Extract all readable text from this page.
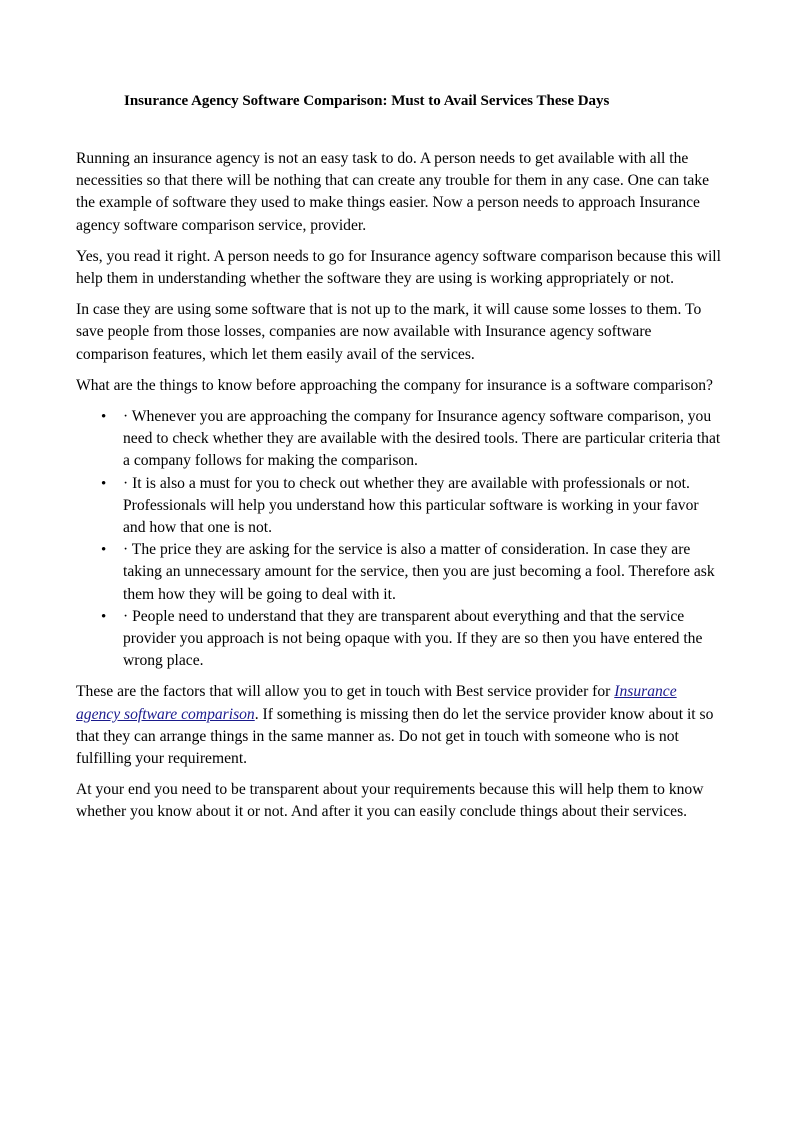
Insurance Agency Software Comparison: Must to Avail Services These Days

Running an insurance agency is not an easy task to do. A person needs to get available with all the necessities so that there will be nothing that can create any trouble for them in any case. One can take the example of software they used to make things easier. Now a person needs to approach Insurance agency software comparison service, provider.

Yes, you read it right. A person needs to go for Insurance agency software comparison because this will help them in understanding whether the software they are using is working appropriately or not.

In case they are using some software that is not up to the mark, it will cause some losses to them. To save people from those losses, companies are now available with Insurance agency software comparison features, which let them easily avail of the services.

What are the things to know before approaching the company for insurance is a software comparison?

• · Whenever you are approaching the company for Insurance agency software comparison, you need to check whether they are available with the desired tools. There are particular criteria that a company follows for making the comparison.
• · It is also a must for you to check out whether they are available with professionals or not. Professionals will help you understand how this particular software is working in your favor and how that one is not.
• · The price they are asking for the service is also a matter of consideration. In case they are taking an unnecessary amount for the service, then you are just becoming a fool. Therefore ask them how they will be going to deal with it.
• · People need to understand that they are transparent about everything and that the service provider you approach is not being opaque with you. If they are so then you have entered the wrong place.

These are the factors that will allow you to get in touch with Best service provider for Insurance agency software comparison. If something is missing then do let the service provider know about it so that they can arrange things in the same manner as. Do not get in touch with someone who is not fulfilling your requirement.

At your end you need to be transparent about your requirements because this will help them to know whether you know about it or not. And after it you can easily conclude things about their services.
